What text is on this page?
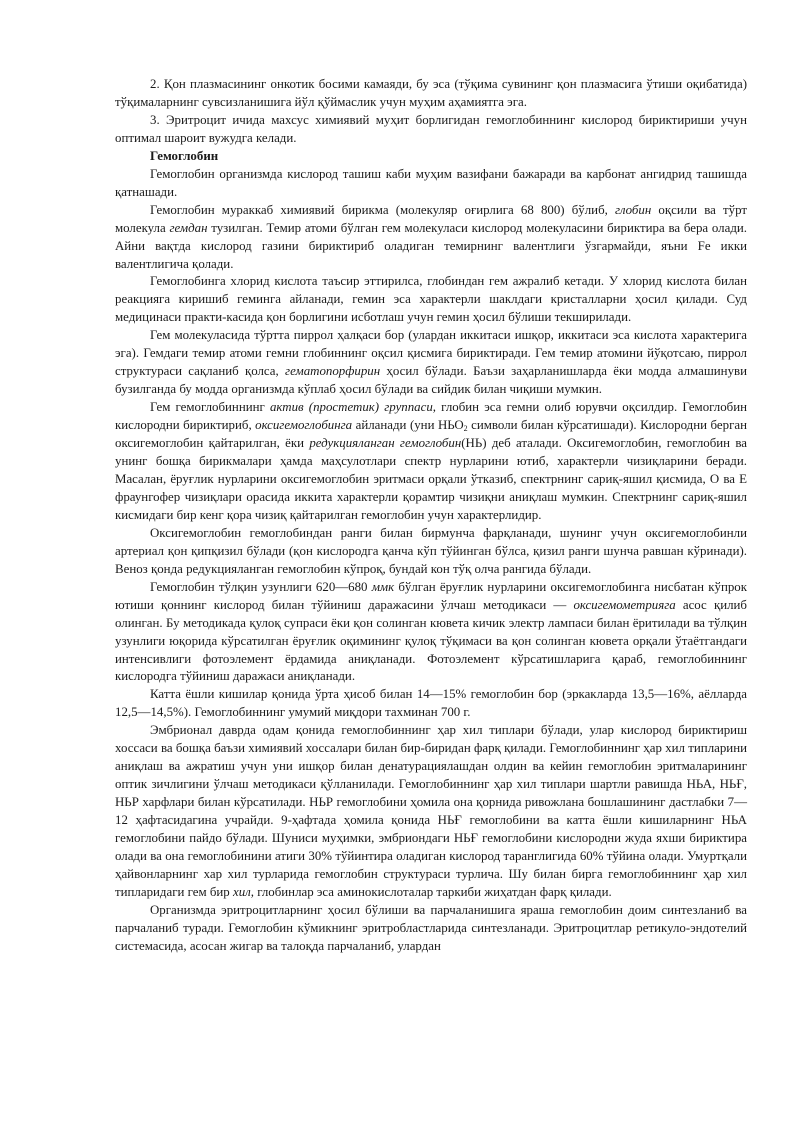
2. Қон плазмасининг онкотик босими камаяди, бу эса (тўқима сувининг қон плазмасига ўтиши оқибатида) тўқималарнинг сувсизланишига йўл қўймаслик учун муҳим аҳамиятга эга.

3. Эритроцит ичида махсус химиявий муҳит борлигидан гемоглобиннинг кислород бириктириши учун оптимал шароит вужудга келади.

Гемоглобин

Гемоглобин организмда кислород ташиш каби муҳим вазифани бажаради ва карбонат ангидрид ташишда қатнашади.

Гемоглобин мураккаб химиявий бирикма (молекуляр оғирлига 68 800) бўлиб, глобин оқсили ва тўрт молекула гемдан тузилган. Темир атоми бўлган гем молекуласи кислород молекуласини бириктира ва бера олади. Айни вақтда кислород газини бириктириб оладиган темирнинг валентлиги ўзгармайди, яъни Fe икки валентлигича қолади.

Гемоглобинга хлорид кислота таъсир эттирилса, глобиндан гем ажралиб кетади. У хлорид кислота билан реакцияга киришиб геминга айланади, гемин эса характерли шаклдаги кристалларни ҳосил қилади. Суд медицинаси практи-касида қон борлигини исботлаш учун гемин ҳосил бўлиши текширилади.

Гем молекуласида тўртта пиррол ҳалқаси бор (улардан иккитаси ишқор, иккитаси эса кислота характерига эга). Гемдаги темир атоми гемни глобиннинг оқсил қисмига бириктиради. Гем темир атомини йўқотсаю, пиррол структураси сақланиб қолса, гематопорфирин ҳосил бўлади. Баъзи заҳарланишларда ёки модда алмашинуви бузилганда бу модда организмда кўплаб ҳосил бўлади ва сийдик билан чиқиши мумкин.

Гем гемоглобиннинг актив (простетик) группаси, глобин эса гемни олиб юрувчи оқсилдир. Гемоглобин кислородни бириктириб, оксигемоглобинга айланади (уни $НЬО_2$ символи билан кўрсатишади). Кислородни берган оксигемоглобин қайтарилган, ёки редукцияланган гемоглобин(НЬ) деб аталади. Оксигемоглобин, гемоглобин ва унинг бошқа бирикмалари ҳамда маҳсулотлари спектр нурларини ютиб, характерли чизиқларини беради. Масалан, ёруғлик нурларини оксигемоглобин эритмаси орқали ўтказиб, спектрнинг сариқ-яшил қисмида, О ва Е фраунгофер чизиқлари орасида иккита характерли қорамтир чизиқни аниқлаш мумкин. Спектрнинг сариқ-яшил кисмидаги бир кенг қора чизиқ қайтарилган гемоглобин учун характерлидир.

Оксигемоглобин гемоглобиндан ранги билан бирмунча фарқланади, шунинг учун оксигемоглобинли артериал қон қипқизил бўлади (қон кислородга қанча кўп тўйинган бўлса, қизил ранги шунча равшан кўринади). Веноз қонда редукцияланган гемоглобин кўпроқ, бундай кон тўқ олча рангида бўлади.

Гемоглобин тўлқин узунлиги 620—680 ммк бўлган ёруғлик нурларини оксигемоглобинга нисбатан кўпрок ютиши қоннинг кислород билан тўйиниш даражасини ўлчаш методикаси — оксигемометрияга асос қилиб олинган. Бу методикада қулоқ супраси ёки қон солинган кювета кичик электр лампаси билан ёритилади ва тўлқин узунлиги юқорида кўрсатилган ёруғлик оқимининг қулоқ тўқимаси ва қон солинган кювета орқали ўтаётгандаги интенсивлиги фотоэлемент ёрдамида аниқланади. Фотоэлемент кўрсатишларига қараб, гемоглобиннинг кислородга тўйиниш даражаси аниқланади.

Катта ёшли кишилар қонида ўртa ҳисоб билан 14—15% гемоглобин бор (эркакларда 13,5—16%, аёлларда 12,5—14,5%). Гемоглобиннинг умумий миқдори тахминан 700 г.

Эмбрионал даврда одам қонида гемоглобиннинг ҳар хил типлари бўлади, улар кислород бириктириш хоссаси ва бошқа баъзи химиявий хоссалари билан бир-биридан фарқ қилади. Гемоглобиннинг ҳар хил типларини аниқлаш ва ажратиш учун уни ишқор билан денатурациялашдан олдин ва кейин гемоглобин эритмаларининг оптик зичлигини ўлчаш методикаси қўлланилади. Гемоглобиннинг ҳар хил типлари шартли равишда НЬА, НЬҒ, НЬР харфлари билан кўрсатилади. НЬР гемоглобини ҳомила она қорнида ривожлана бошлашининг дастлабки 7—12 ҳафтасидагина учрайди. 9-ҳафтада ҳомила қонида НЬҒ гемоглобини ва катта ёшли кишиларнинг НЬА гемоглобини пайдо бўлади. Шуниси муҳимки, эмбриондаги НЬҒ гемоглобини кислородни жуда яхши бириктира олади ва она гемоглобинини атиги 30% тўйинтира оладиган кислород таранглигида 60% тўйина олади. Умуртқали ҳайвонларнинг хар хил турларида гемоглобин структураси турлича. Шу билан бирга гемоглобиннинг ҳар хил типларидаги гем бир хил, глобинлар эса аминокислоталар таркиби жиҳатдан фарқ қилади.

Организмда эритроцитларнинг ҳосил бўлиши ва парчаланишига яраша гемоглобин доим синтезланиб ва парчаланиб туради. Гемоглобин кўмикнинг эритробластларида синтезланади. Эритроцитлар ретикуло-эндотелий системасида, асосан жигар ва талоқда парчаланиб, улардан
